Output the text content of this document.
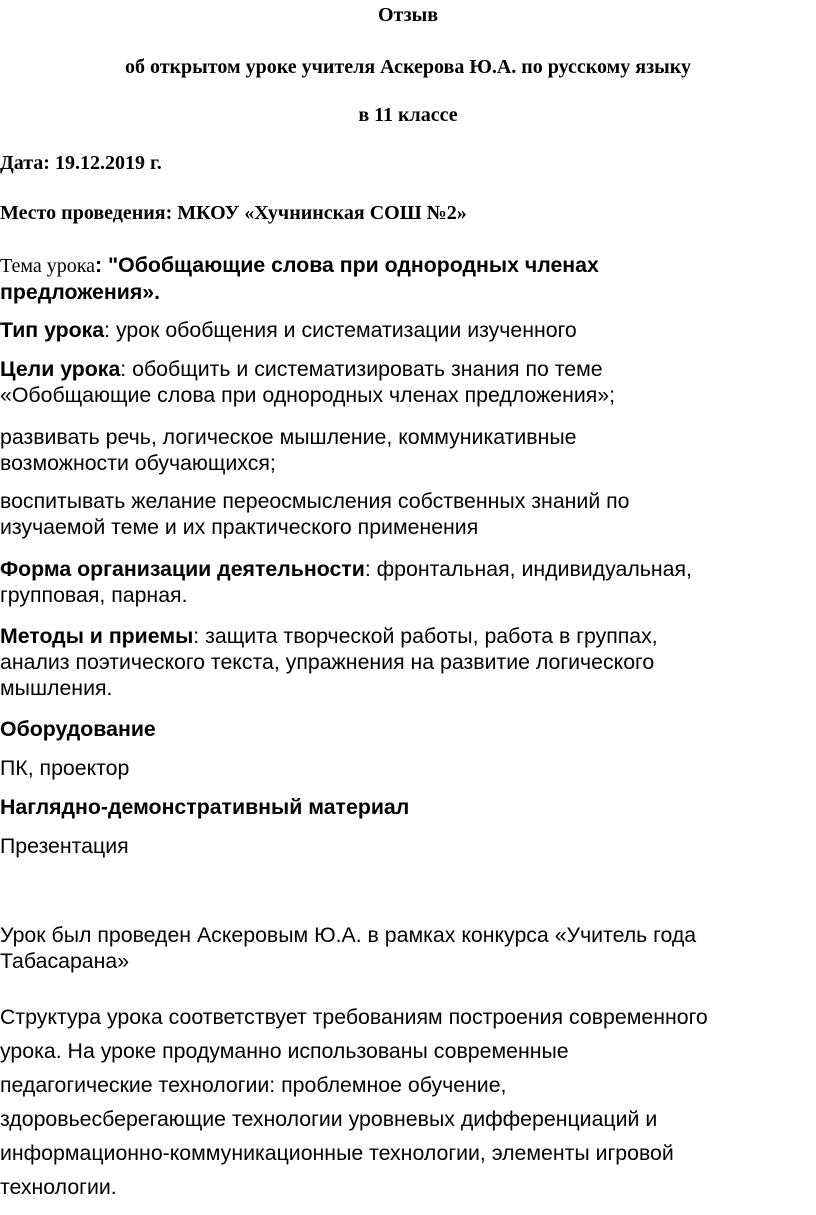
Отзыв
об открытом уроке учителя Аскерова Ю.А. по русскому языку
в 11 классе
Дата: 19.12.2019 г.
Место проведения: МКОУ «Хучнинская СОШ №2»
Тема урока: "Обобщающие слова при однородных членах
предложения».
Тип урока: урок обобщения и систематизации изученного
Цели урока: обобщить и систематизировать знания по теме
«Обобщающие слова при однородных членах предложения»;
развивать речь, логическое мышление, коммуникативные
возможности обучающихся;
воспитывать желание переосмысления собственных знаний по
изучаемой теме и их практического применения
Форма организации деятельности: фронтальная, индивидуальная,
групповая, парная.
Методы и приемы: защита творческой работы, работа в группах,
анализ поэтического текста, упражнения на развитие логического
мышления.
Оборудование
ПК, проектор
Наглядно-демонстративный материал
Презентация
Урок был проведен Аскеровым Ю.А. в рамках конкурса «Учитель года
Табасарана»
Структура урока соответствует требованиям построения современного
урока. На уроке продуманно использованы современные
педагогические технологии: проблемное обучение,
здоровьесберегающие технологии уровневых дифференциаций и
информационно-коммуникационные технологии, элементы игровой
технологии.
